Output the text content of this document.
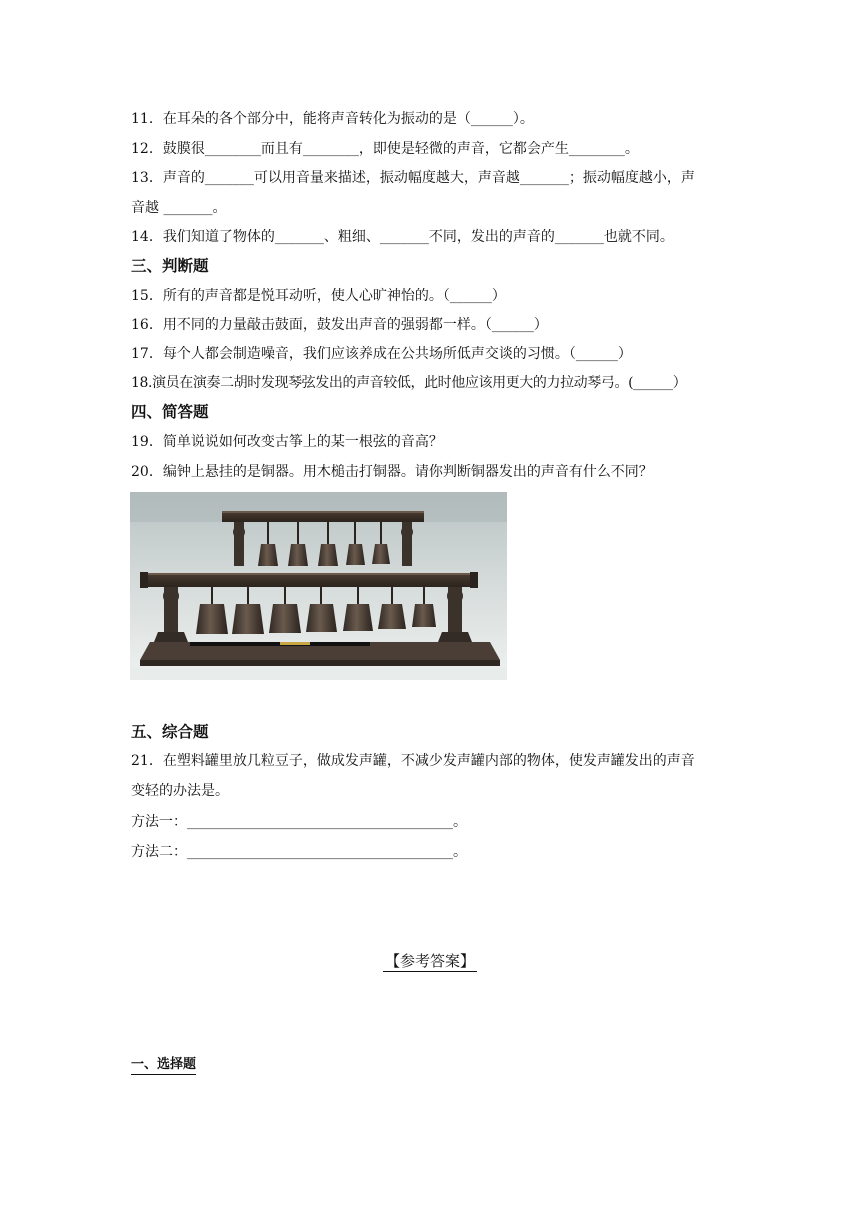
11．在耳朵的各个部分中，能将声音转化为振动的是（______）。
12．鼓膜很________而且有________，即使是轻微的声音，它都会产生________。
13．声音的_______可以用音量来描述，振动幅度越大，声音越_______；振动幅度越小，声
音越 _______。
14．我们知道了物体的_______、粗细、_______不同，发出的声音的_______也就不同。
三、判断题
15．所有的声音都是悦耳动听，使人心旷神怡的。（______）
16．用不同的力量敲击鼓面，鼓发出声音的强弱都一样。（______）
17．每个人都会制造噪音，我们应该养成在公共场所低声交谈的习惯。（______）
18.演员在演奏二胡时发现琴弦发出的声音较低，此时他应该用更大的力拉动琴弓。(______）
四、简答题
19．简单说说如何改变古筝上的某一根弦的音高？
20．编钟上悬挂的是铜器。用木槌击打铜器。请你判断铜器发出的声音有什么不同？
五、综合题
21．在塑料罐里放几粒豆子，做成发声罐，不减少发声罐内部的物体，使发声罐发出的声音
变轻的办法是。
方法一：______________________________________。
方法二：______________________________________。
【参考答案】
一、选择题
